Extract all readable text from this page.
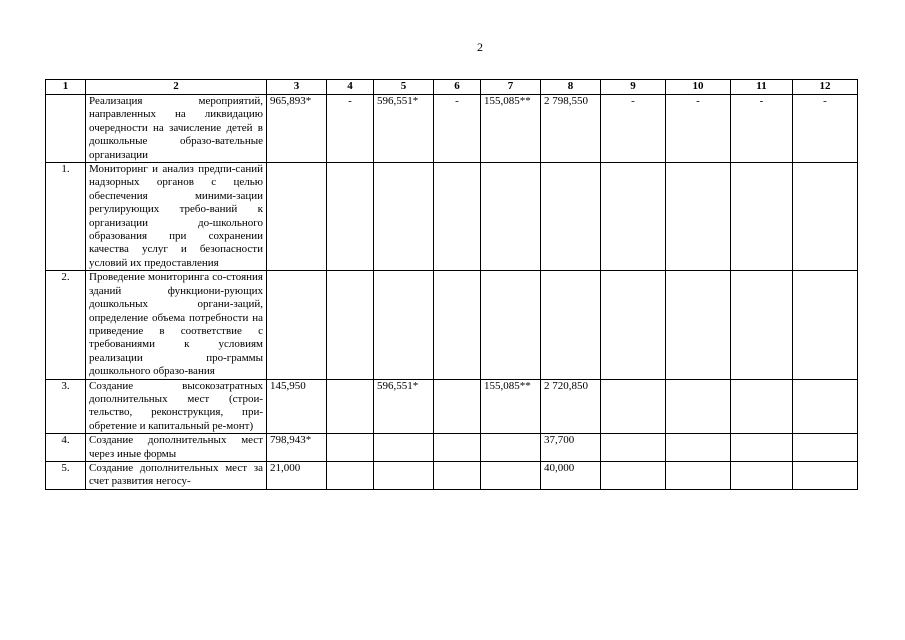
2
1	2	3	4	5	6	7	8	9	10	11	12
	Реализация мероприятий, направленных на ликвидацию очередности на зачисление детей в дошкольные образо-вательные организации	965,893*	-	596,551*	-	155,085**	2 798,550	-	-	-	-
1.	Мониторинг и анализ предпи-саний надзорных органов с целью обеспечения миними-зации регулирующих требо-ваний к организации до-школьного образования при сохранении качества услуг и безопасности условий их предоставления										
2.	Проведение мониторинга со-стояния зданий функциони-рующих дошкольных органи-заций, определение объема потребности на приведение в соответствие с требованиями к условиям реализации про-граммы дошкольного образо-вания										
3.	Создание высокозатратных дополнительных мест (строи-тельство, реконструкция, при-обретение и капитальный ре-монт)	145,950		596,551*		155,085**	2 720,850				
4.	Создание дополнительных мест через иные формы	798,943*					37,700				
5.	Создание дополнительных мест за счет развития негосу-	21,000					40,000				
